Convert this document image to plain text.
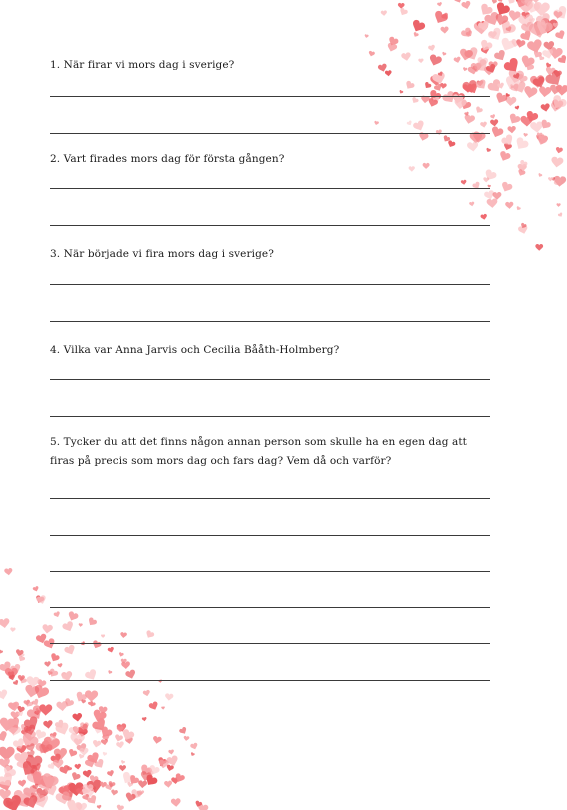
1. När firar vi mors dag i sverige?
2. Vart firades mors dag för första gången?
3. När började vi fira mors dag i sverige?
4. Vilka var Anna Jarvis och Cecilia Bååth-Holmberg?
5. Tycker du att det finns någon annan person som skulle ha en egen dag att firas på precis som mors dag och fars dag? Vem då och varför?
